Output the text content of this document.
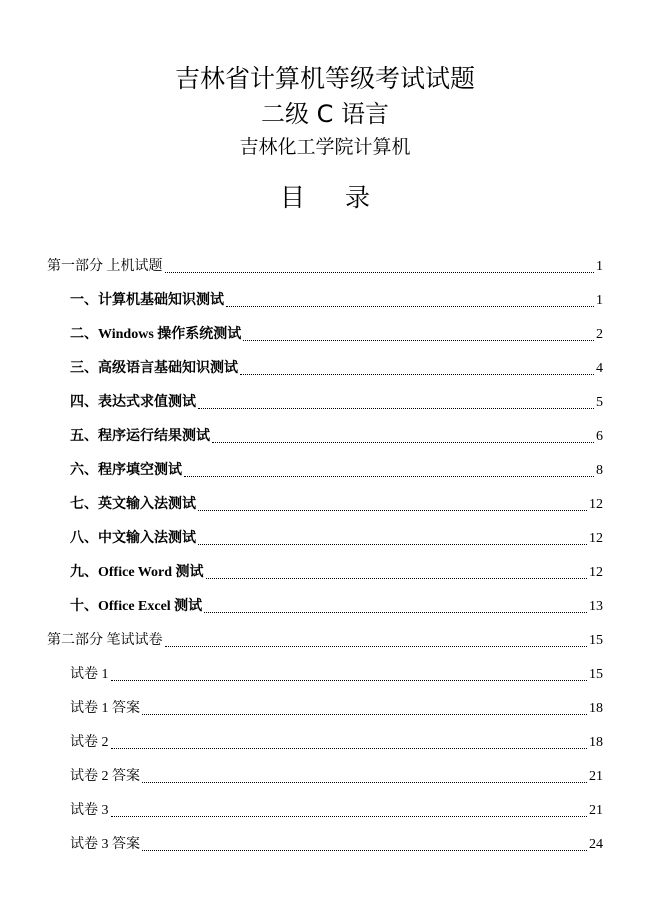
吉林省计算机等级考试试题
二级 C 语言
吉林化工学院计算机
目录
第一部分 上机试题	1
一、计算机基础知识测试	1
二、Windows 操作系统测试	2
三、高级语言基础知识测试	4
四、表达式求值测试	5
五、程序运行结果测试	6
六、程序填空测试	8
七、英文输入法测试	12
八、中文输入法测试	12
九、Office Word 测试	12
十、Office Excel 测试	13
第二部分 笔试试卷	15
试卷 1	15
试卷 1 答案	18
试卷 2	18
试卷 2 答案	21
试卷 3	21
试卷 3 答案	24
